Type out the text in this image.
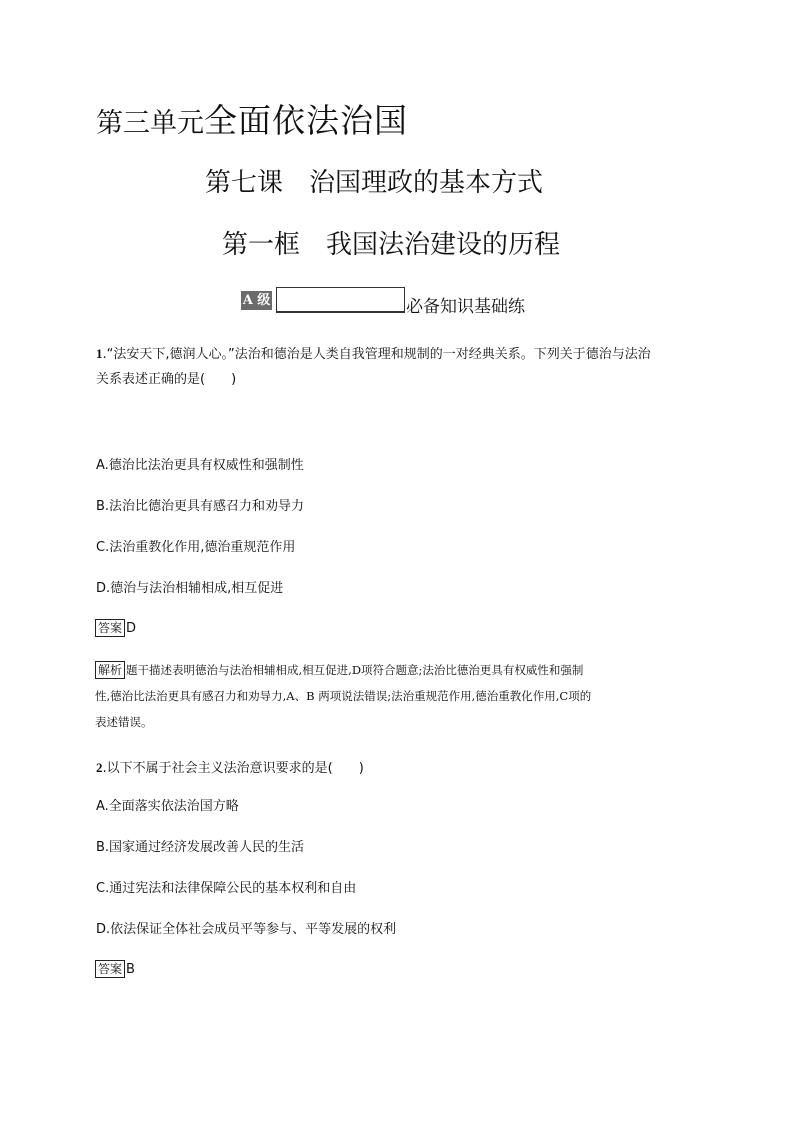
第三单元全面依法治国
第七课 治国理政的基本方式
第一框 我国法治建设的历程
A 级	必备知识基础练
1.“法安天下,德润人心。”法治和德治是人类自我管理和规制的一对经典关系。下列关于德治与法治
关系表述正确的是(　　)
A.德治比法治更具有权威性和强制性
B.法治比德治更具有感召力和劝导力
C.法治重教化作用,德治重规范作用
D.德治与法治相辅相成,相互促进
答案 D

解析 题干描述表明德治与法治相辅相成,相互促进,D项符合题意;法治比德治更具有权威性和强制

性,德治比法治更具有感召力和劝导力,A、B 两项说法错误;法治重规范作用,德治重教化作用,C项的

表述错误。

2.以下不属于社会主义法治意识要求的是(　　)
A.全面落实依法治国方略
B.国家通过经济发展改善人民的生活
C.通过宪法和法律保障公民的基本权利和自由
D.依法保证全体社会成员平等参与、平等发展的权利
答案 B
